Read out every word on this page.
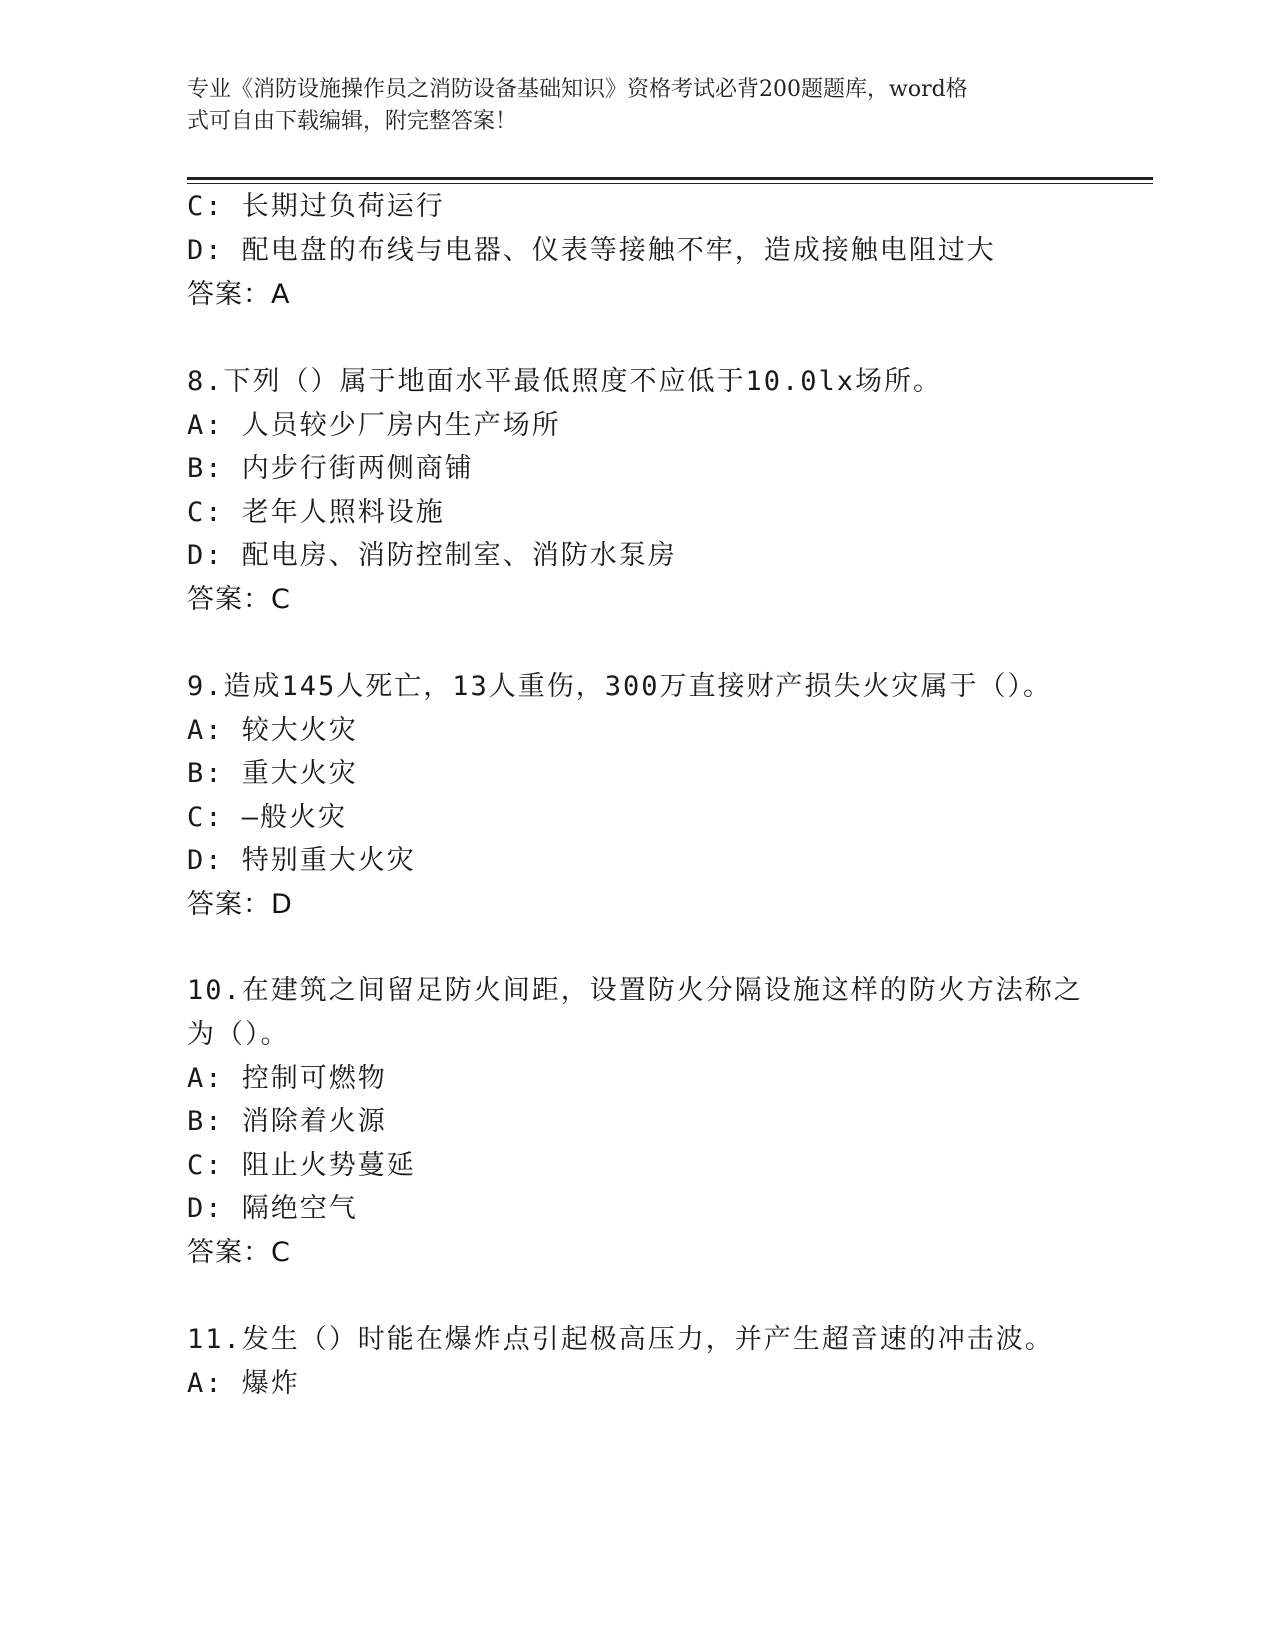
专业《消防设施操作员之消防设备基础知识》资格考试必背200题题库，word格
式可自由下载编辑，附完整答案！
C: 长期过负荷运行
D: 配电盘的布线与电器、仪表等接触不牢，造成接触电阻过大
答案：A
8.下列（）属于地面水平最低照度不应低于10.0lx场所。
A: 人员较少厂房内生产场所
B: 内步行街两侧商铺
C: 老年人照料设施
D: 配电房、消防控制室、消防水泵房
答案：C
9.造成145人死亡，13人重伤，300万直接财产损失火灾属于（）。
A: 较大火灾
B: 重大火灾
C: —般火灾
D: 特别重大火灾
答案：D
10.在建筑之间留足防火间距，设置防火分隔设施这样的防火方法称之
为（）。
A: 控制可燃物
B: 消除着火源
C: 阻止火势蔓延
D: 隔绝空气
答案：C
11.发生（）时能在爆炸点引起极高压力，并产生超音速的冲击波。
A: 爆炸
